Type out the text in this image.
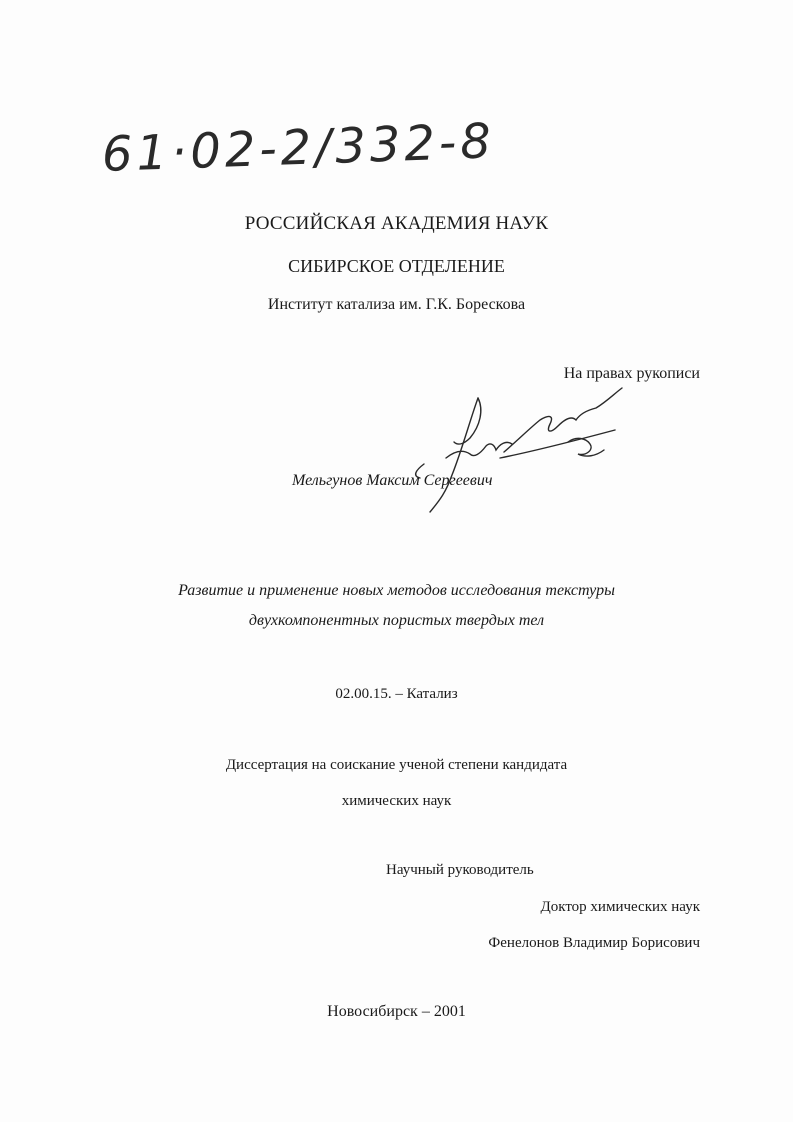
61·02-2/332-8
РОССИЙСКАЯ АКАДЕМИЯ НАУК
СИБИРСКОЕ ОТДЕЛЕНИЕ
Институт катализа им. Г.К. Борескова
На правах рукописи
Мельгунов Максим Сергеевич
Развитие и применение новых методов исследования текстуры
двухкомпонентных пористых твердых тел
02.00.15. – Катализ
Диссертация на соискание ученой степени кандидата
химических наук
Научный руководитель
Доктор химических наук
Фенелонов Владимир Борисович
Новосибирск – 2001
